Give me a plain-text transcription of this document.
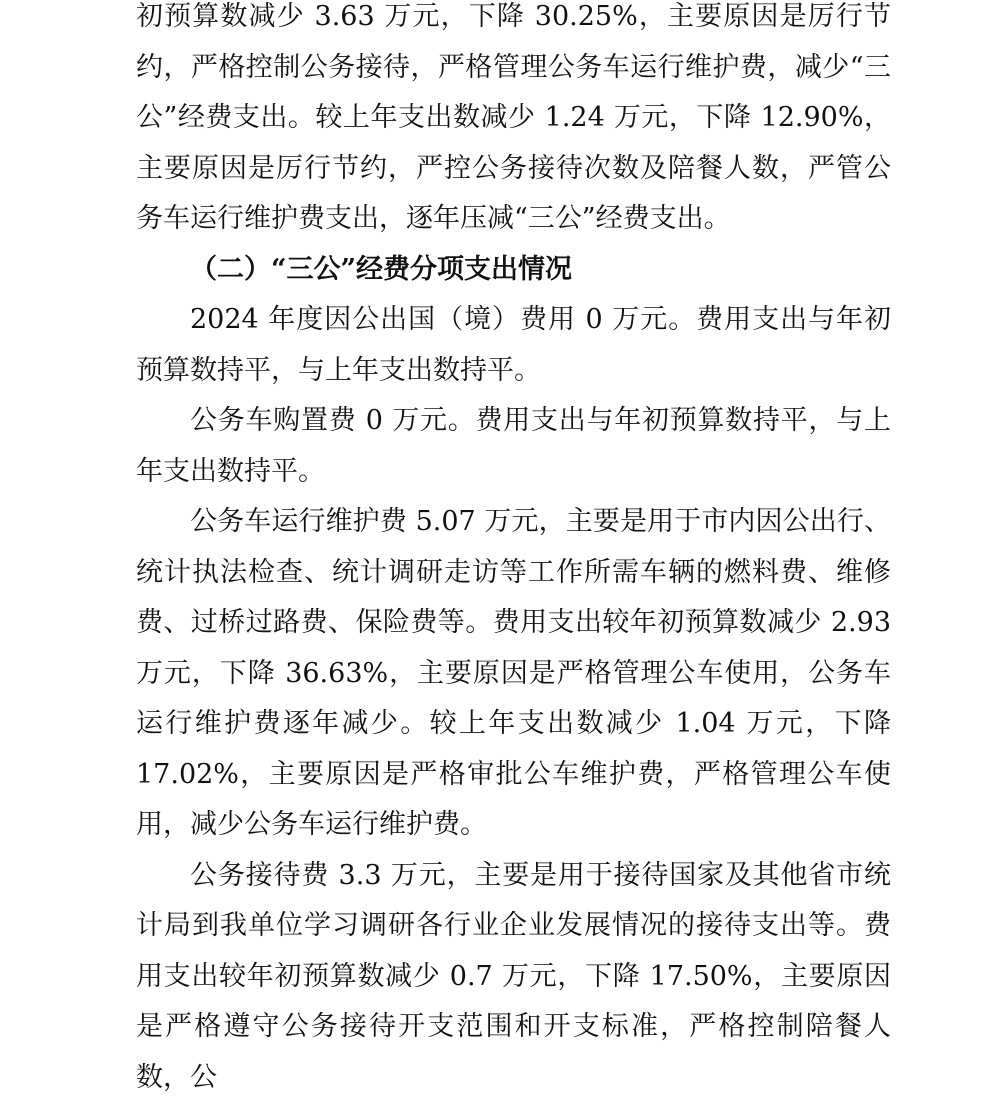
初预算数减少 3.63 万元，下降 30.25%，主要原因是厉行节约，严格控制公务接待，严格管理公务车运行维护费，减少“三公”经费支出。较上年支出数减少 1.24 万元，下降 12.90%，主要原因是厉行节约，严控公务接待次数及陪餐人数，严管公务车运行维护费支出，逐年压减“三公”经费支出。

（二）“三公”经费分项支出情况

2024 年度因公出国（境）费用 0 万元。费用支出与年初预算数持平，与上年支出数持平。

公务车购置费 0 万元。费用支出与年初预算数持平，与上年支出数持平。

公务车运行维护费 5.07 万元，主要是用于市内因公出行、统计执法检查、统计调研走访等工作所需车辆的燃料费、维修费、过桥过路费、保险费等。费用支出较年初预算数减少 2.93 万元，下降 36.63%，主要原因是严格管理公车使用，公务车运行维护费逐年减少。较上年支出数减少 1.04 万元，下降 17.02%，主要原因是严格审批公车维护费，严格管理公车使用，减少公务车运行维护费。

公务接待费 3.3 万元，主要是用于接待国家及其他省市统计局到我单位学习调研各行业企业发展情况的接待支出等。费用支出较年初预算数减少 0.7 万元，下降 17.50%，主要原因是严格遵守公务接待开支范围和开支标准，严格控制陪餐人数，公
